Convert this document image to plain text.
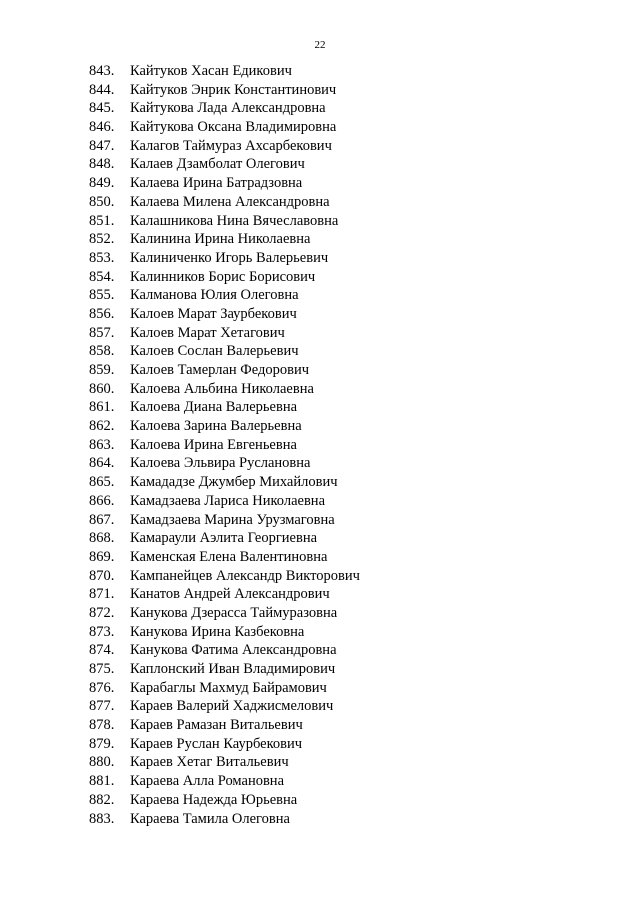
22
843.	Кайтуков Хасан Едикович
844.	Кайтуков Энрик Константинович
845.	Кайтукова Лада Александровна
846.	Кайтукова Оксана Владимировна
847.	Калагов Таймураз Ахсарбекович
848.	Калаев Дзамболат Олегович
849.	Калаева Ирина Батрадзовна
850.	Калаева Милена Александровна
851.	Калашникова Нина Вячеславовна
852.	Калинина Ирина Николаевна
853.	Калиниченко Игорь Валерьевич
854.	Калинников Борис Борисович
855.	Калманова Юлия Олеговна
856.	Калоев Марат Заурбекович
857.	Калоев Марат Хетагович
858.	Калоев Сослан Валерьевич
859.	Калоев Тамерлан Федорович
860.	Калоева Альбина Николаевна
861.	Калоева Диана Валерьевна
862.	Калоева Зарина Валерьевна
863.	Калоева Ирина Евгеньевна
864.	Калоева Эльвира Руслановна
865.	Камададзе Джумбер Михайлович
866.	Камадзаева Лариса Николаевна
867.	Камадзаева Марина Урузмаговна
868.	Камараули Аэлита Георгиевна
869.	Каменская Елена Валентиновна
870.	Кампанейцев Александр Викторович
871.	Канатов Андрей Александрович
872.	Канукова Дзерасса Таймуразовна
873.	Канукова Ирина Казбековна
874.	Канукова Фатима Александровна
875.	Каплонский Иван Владимирович
876.	Карабаглы Махмуд Байрамович
877.	Караев Валерий Хаджисмелович
878.	Караев Рамазан Витальевич
879.	Караев Руслан Каурбекович
880.	Караев Хетаг Витальевич
881.	Караева Алла Романовна
882.	Караева Надежда Юрьевна
883.	Караева Тамила Олеговна
